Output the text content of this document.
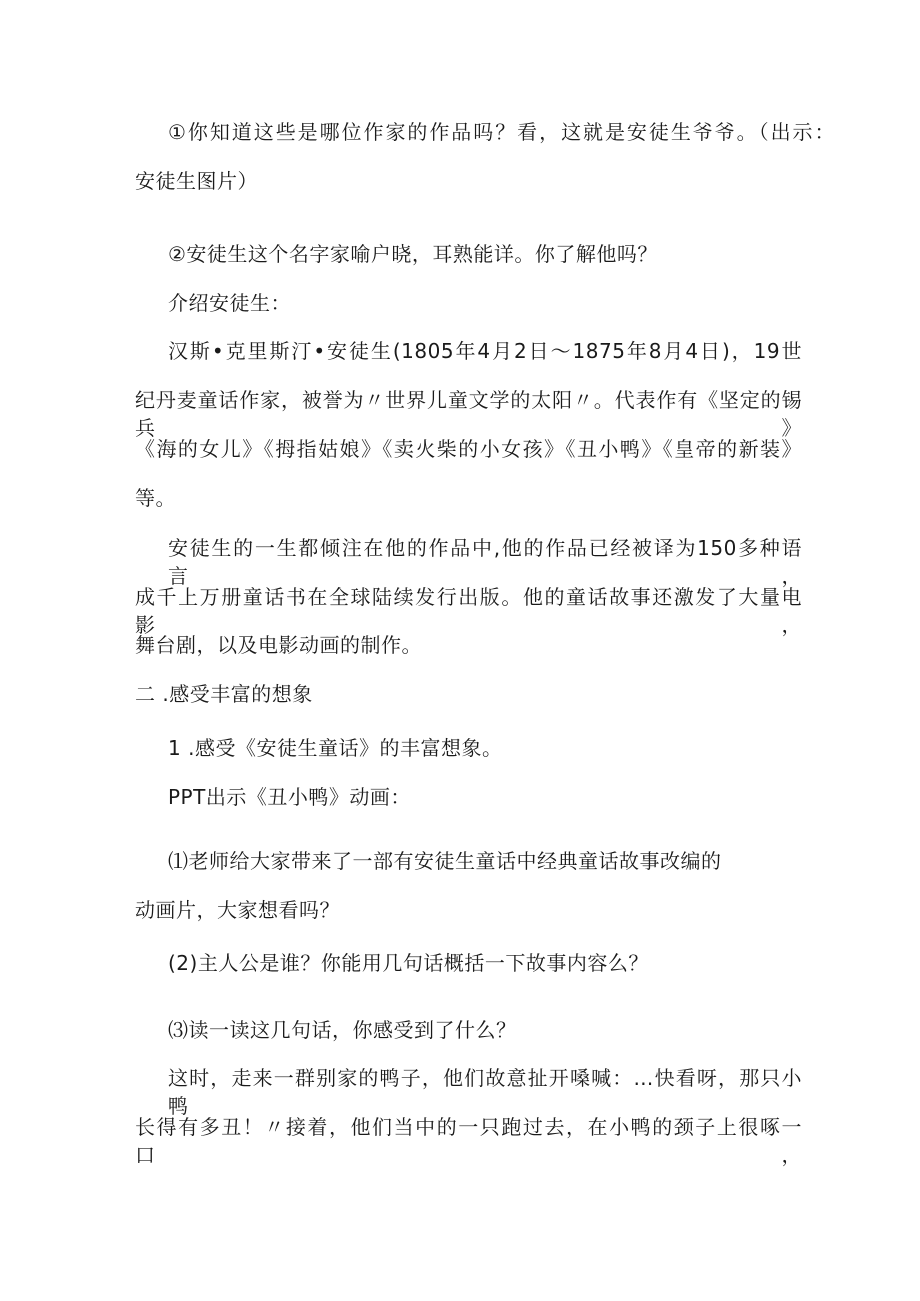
①你知道这些是哪位作家的作品吗？看，这就是安徒生爷爷。（出示：
安徒生图片）
②安徒生这个名字家喻户晓，耳熟能详。你了解他吗？
介绍安徒生：
汉斯•克里斯汀•安徒生(1805年4月2日～1875年8月4日)，19世
纪丹麦童话作家，被誉为〃世界儿童文学的太阳〃。代表作有《坚定的锡兵》
《海的女儿》《拇指姑娘》《卖火柴的小女孩》《丑小鸭》《皇帝的新装》
等。
安徒生的一生都倾注在他的作品中,他的作品已经被译为150多种语言，
成千上万册童话书在全球陆续发行出版。他的童话故事还激发了大量电影，
舞台剧，以及电影动画的制作。
二 .感受丰富的想象
1 .感受《安徒生童话》的丰富想象。
PPT出示《丑小鸭》动画：
⑴老师给大家带来了一部有安徒生童话中经典童话故事改编的
动画片，大家想看吗？
(2)主人公是谁？你能用几句话概括一下故事内容么？
⑶读一读这几句话，你感受到了什么？
这时，走来一群别家的鸭子，他们故意扯开嗓喊：…快看呀，那只小鸭
长得有多丑！〃接着，他们当中的一只跑过去，在小鸭的颈子上很啄一口，
